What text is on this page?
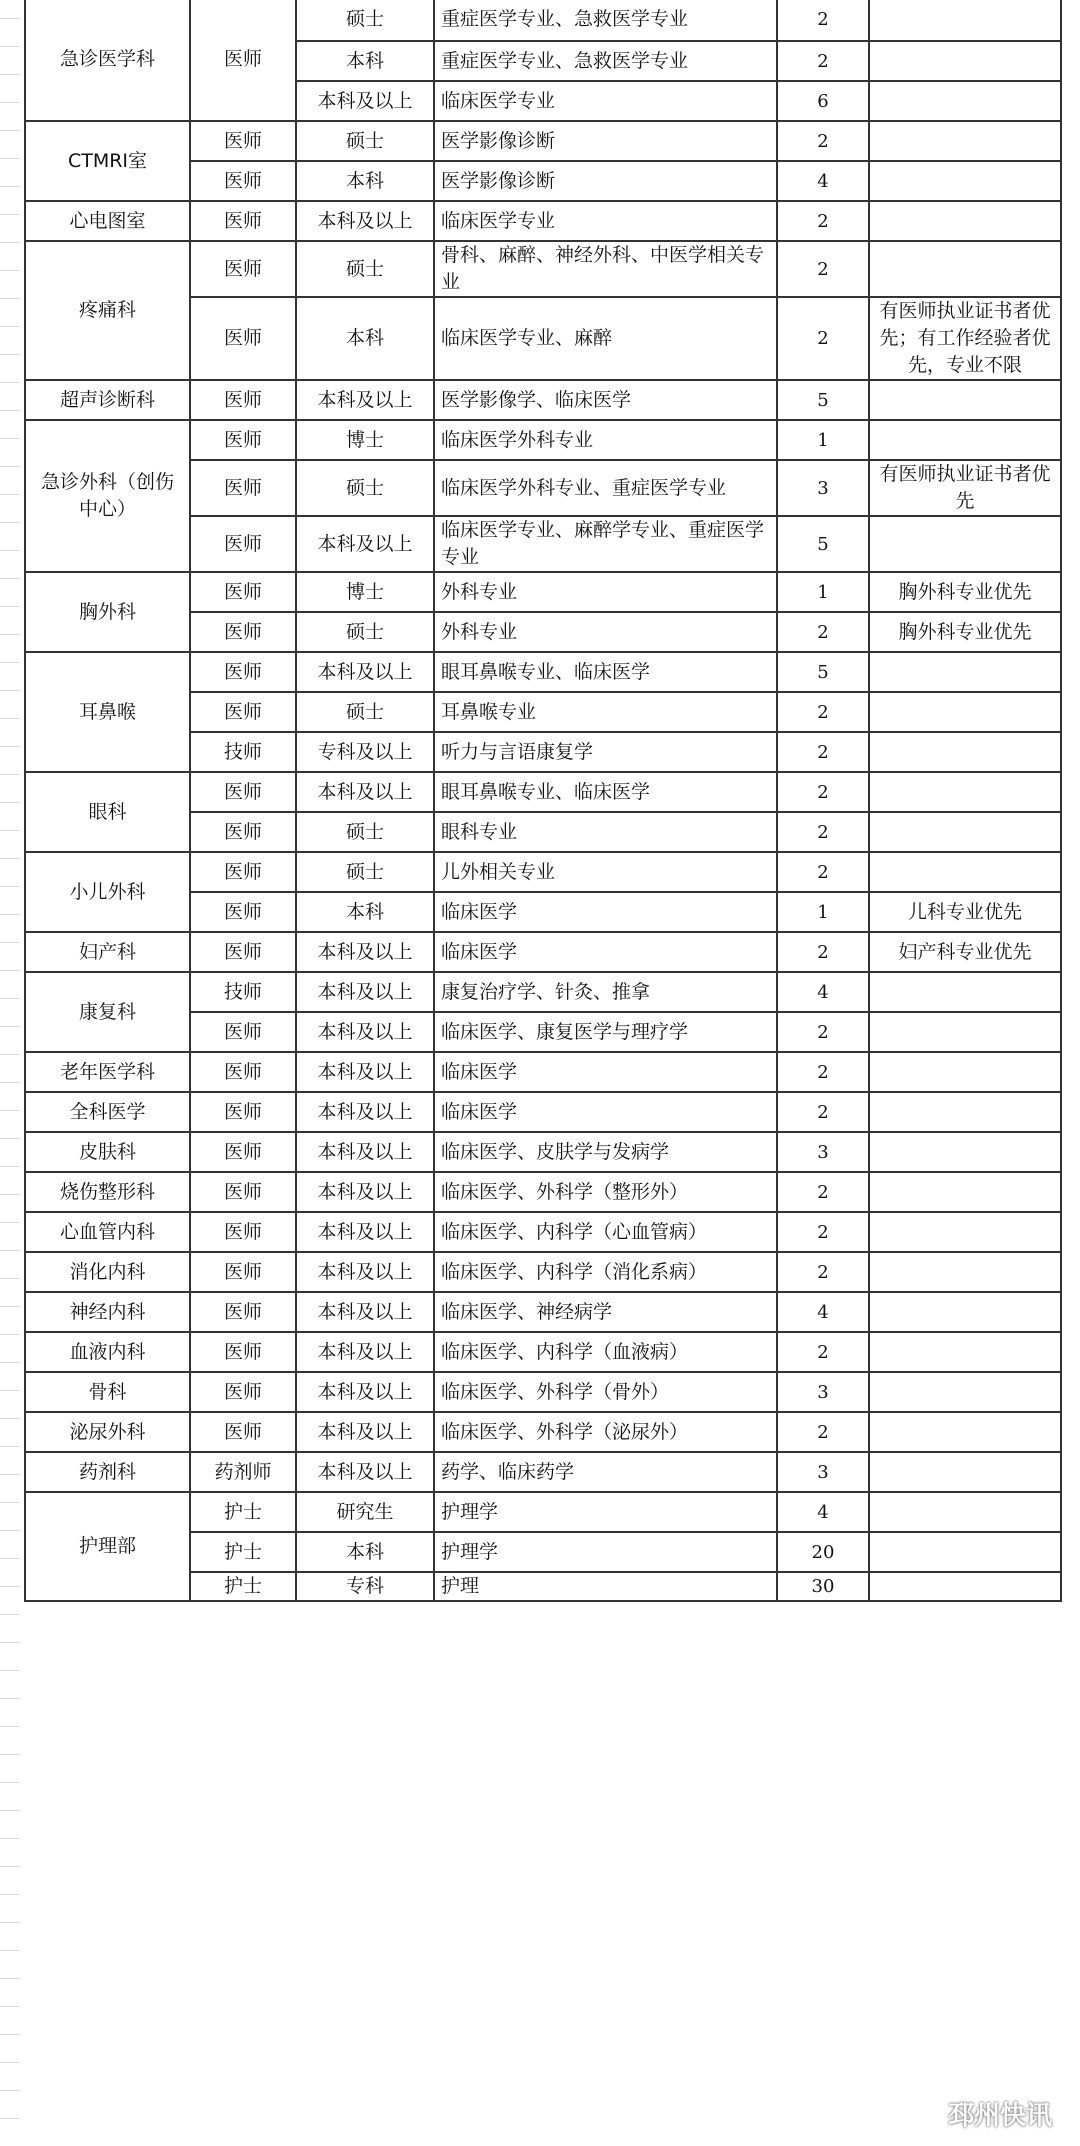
急诊医学科	医师	硕士	重症医学专业、急救医学专业	2	
		本科	重症医学专业、急救医学专业	2	
		本科及以上	临床医学专业	6	
CTMRI室	医师	硕士	医学影像诊断	2	
	医师	本科	医学影像诊断	4	
心电图室	医师	本科及以上	临床医学专业	2	
疼痛科	医师	硕士	骨科、麻醉、神经外科、中医学相关专业	2	
	医师	本科	临床医学专业、麻醉	2	有医师执业证书者优先；有工作经验者优先，专业不限
超声诊断科	医师	本科及以上	医学影像学、临床医学	5	
急诊外科（创伤中心）	医师	博士	临床医学外科专业	1	
	医师	硕士	临床医学外科专业、重症医学专业	3	有医师执业证书者优先
	医师	本科及以上	临床医学专业、麻醉学专业、重症医学专业	5	
胸外科	医师	博士	外科专业	1	胸外科专业优先
	医师	硕士	外科专业	2	胸外科专业优先
耳鼻喉	医师	本科及以上	眼耳鼻喉专业、临床医学	5	
	医师	硕士	耳鼻喉专业	2	
	技师	专科及以上	听力与言语康复学	2	
眼科	医师	本科及以上	眼耳鼻喉专业、临床医学	2	
	医师	硕士	眼科专业	2	
小儿外科	医师	硕士	儿外相关专业	2	
	医师	本科	临床医学	1	儿科专业优先
妇产科	医师	本科及以上	临床医学	2	妇产科专业优先
康复科	技师	本科及以上	康复治疗学、针灸、推拿	4	
	医师	本科及以上	临床医学、康复医学与理疗学	2	
老年医学科	医师	本科及以上	临床医学	2	
全科医学	医师	本科及以上	临床医学	2	
皮肤科	医师	本科及以上	临床医学、皮肤学与发病学	3	
烧伤整形科	医师	本科及以上	临床医学、外科学（整形外）	2	
心血管内科	医师	本科及以上	临床医学、内科学（心血管病）	2	
消化内科	医师	本科及以上	临床医学、内科学（消化系病）	2	
神经内科	医师	本科及以上	临床医学、神经病学	4	
血液内科	医师	本科及以上	临床医学、内科学（血液病）	2	
骨科	医师	本科及以上	临床医学、外科学（骨外）	3	
泌尿外科	医师	本科及以上	临床医学、外科学（泌尿外）	2	
药剂科	药剂师	本科及以上	药学、临床药学	3	
护理部	护士	研究生	护理学	4	
	护士	本科	护理学	20	
	护士	专科	护理	30	
邳州快讯
